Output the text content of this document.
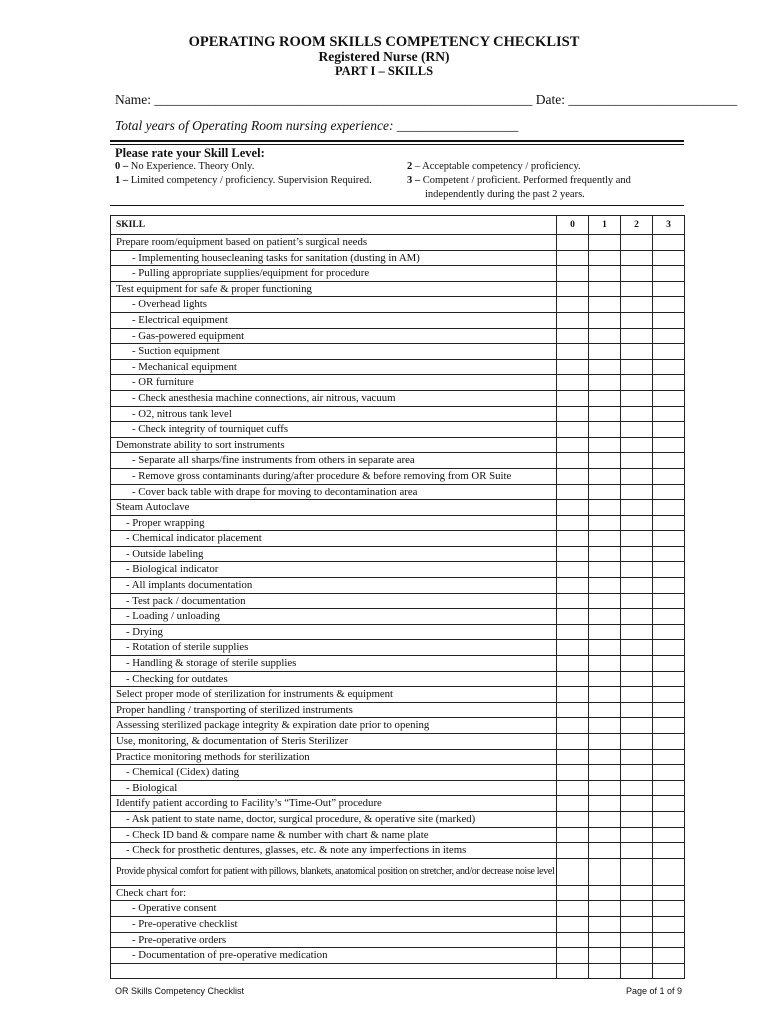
OPERATING ROOM SKILLS COMPETENCY CHECKLIST
Registered Nurse (RN)
PART I – SKILLS
Name: ________________________________________________________ Date: _________________________
Total years of Operating Room nursing experience: __________________
Please rate your Skill Level:
0 – No Experience. Theory Only.
1 – Limited competency / proficiency. Supervision Required.
2 – Acceptable competency / proficiency.
3 – Competent / proficient. Performed frequently and
independently during the past 2 years.
SKILL	0	1	2	3
Prepare room/equipment based on patient’s surgical needs				
- Implementing housecleaning tasks for sanitation (dusting in AM)				
- Pulling appropriate supplies/equipment for procedure				
Test equipment for safe & proper functioning				
- Overhead lights				
- Electrical equipment				
- Gas-powered equipment				
- Suction equipment				
- Mechanical equipment				
- OR furniture				
- Check anesthesia machine connections, air nitrous, vacuum				
- O2, nitrous tank level				
- Check integrity of tourniquet cuffs				
Demonstrate ability to sort instruments				
- Separate all sharps/fine instruments from others in separate area				
- Remove gross contaminants during/after procedure & before removing from OR Suite				
- Cover back table with drape for moving to decontamination area				
Steam Autoclave				
- Proper wrapping				
- Chemical indicator placement				
- Outside labeling				
- Biological indicator				
- All implants documentation				
- Test pack / documentation				
- Loading / unloading				
- Drying				
- Rotation of sterile supplies				
- Handling & storage of sterile supplies				
- Checking for outdates				
Select proper mode of sterilization for instruments & equipment				
Proper handling / transporting of sterilized instruments				
Assessing sterilized package integrity & expiration date prior to opening				
Use, monitoring, & documentation of Steris Sterilizer				
Practice monitoring methods for sterilization				
- Chemical (Cidex) dating				
- Biological				
Identify patient according to Facility’s “Time-Out” procedure				
- Ask patient to state name, doctor, surgical procedure, & operative site (marked)				
- Check ID band & compare name & number with chart & name plate				
- Check for prosthetic dentures, glasses, etc. & note any imperfections in items				
Provide physical comfort for patient with pillows, blankets, anatomical position on stretcher, and/or decrease noise level				
Check chart for:				
- Operative consent				
- Pre-operative checklist				
- Pre-operative orders				
- Documentation of pre-operative medication				

OR Skills Competency Checklist	Page of 1 of 9
